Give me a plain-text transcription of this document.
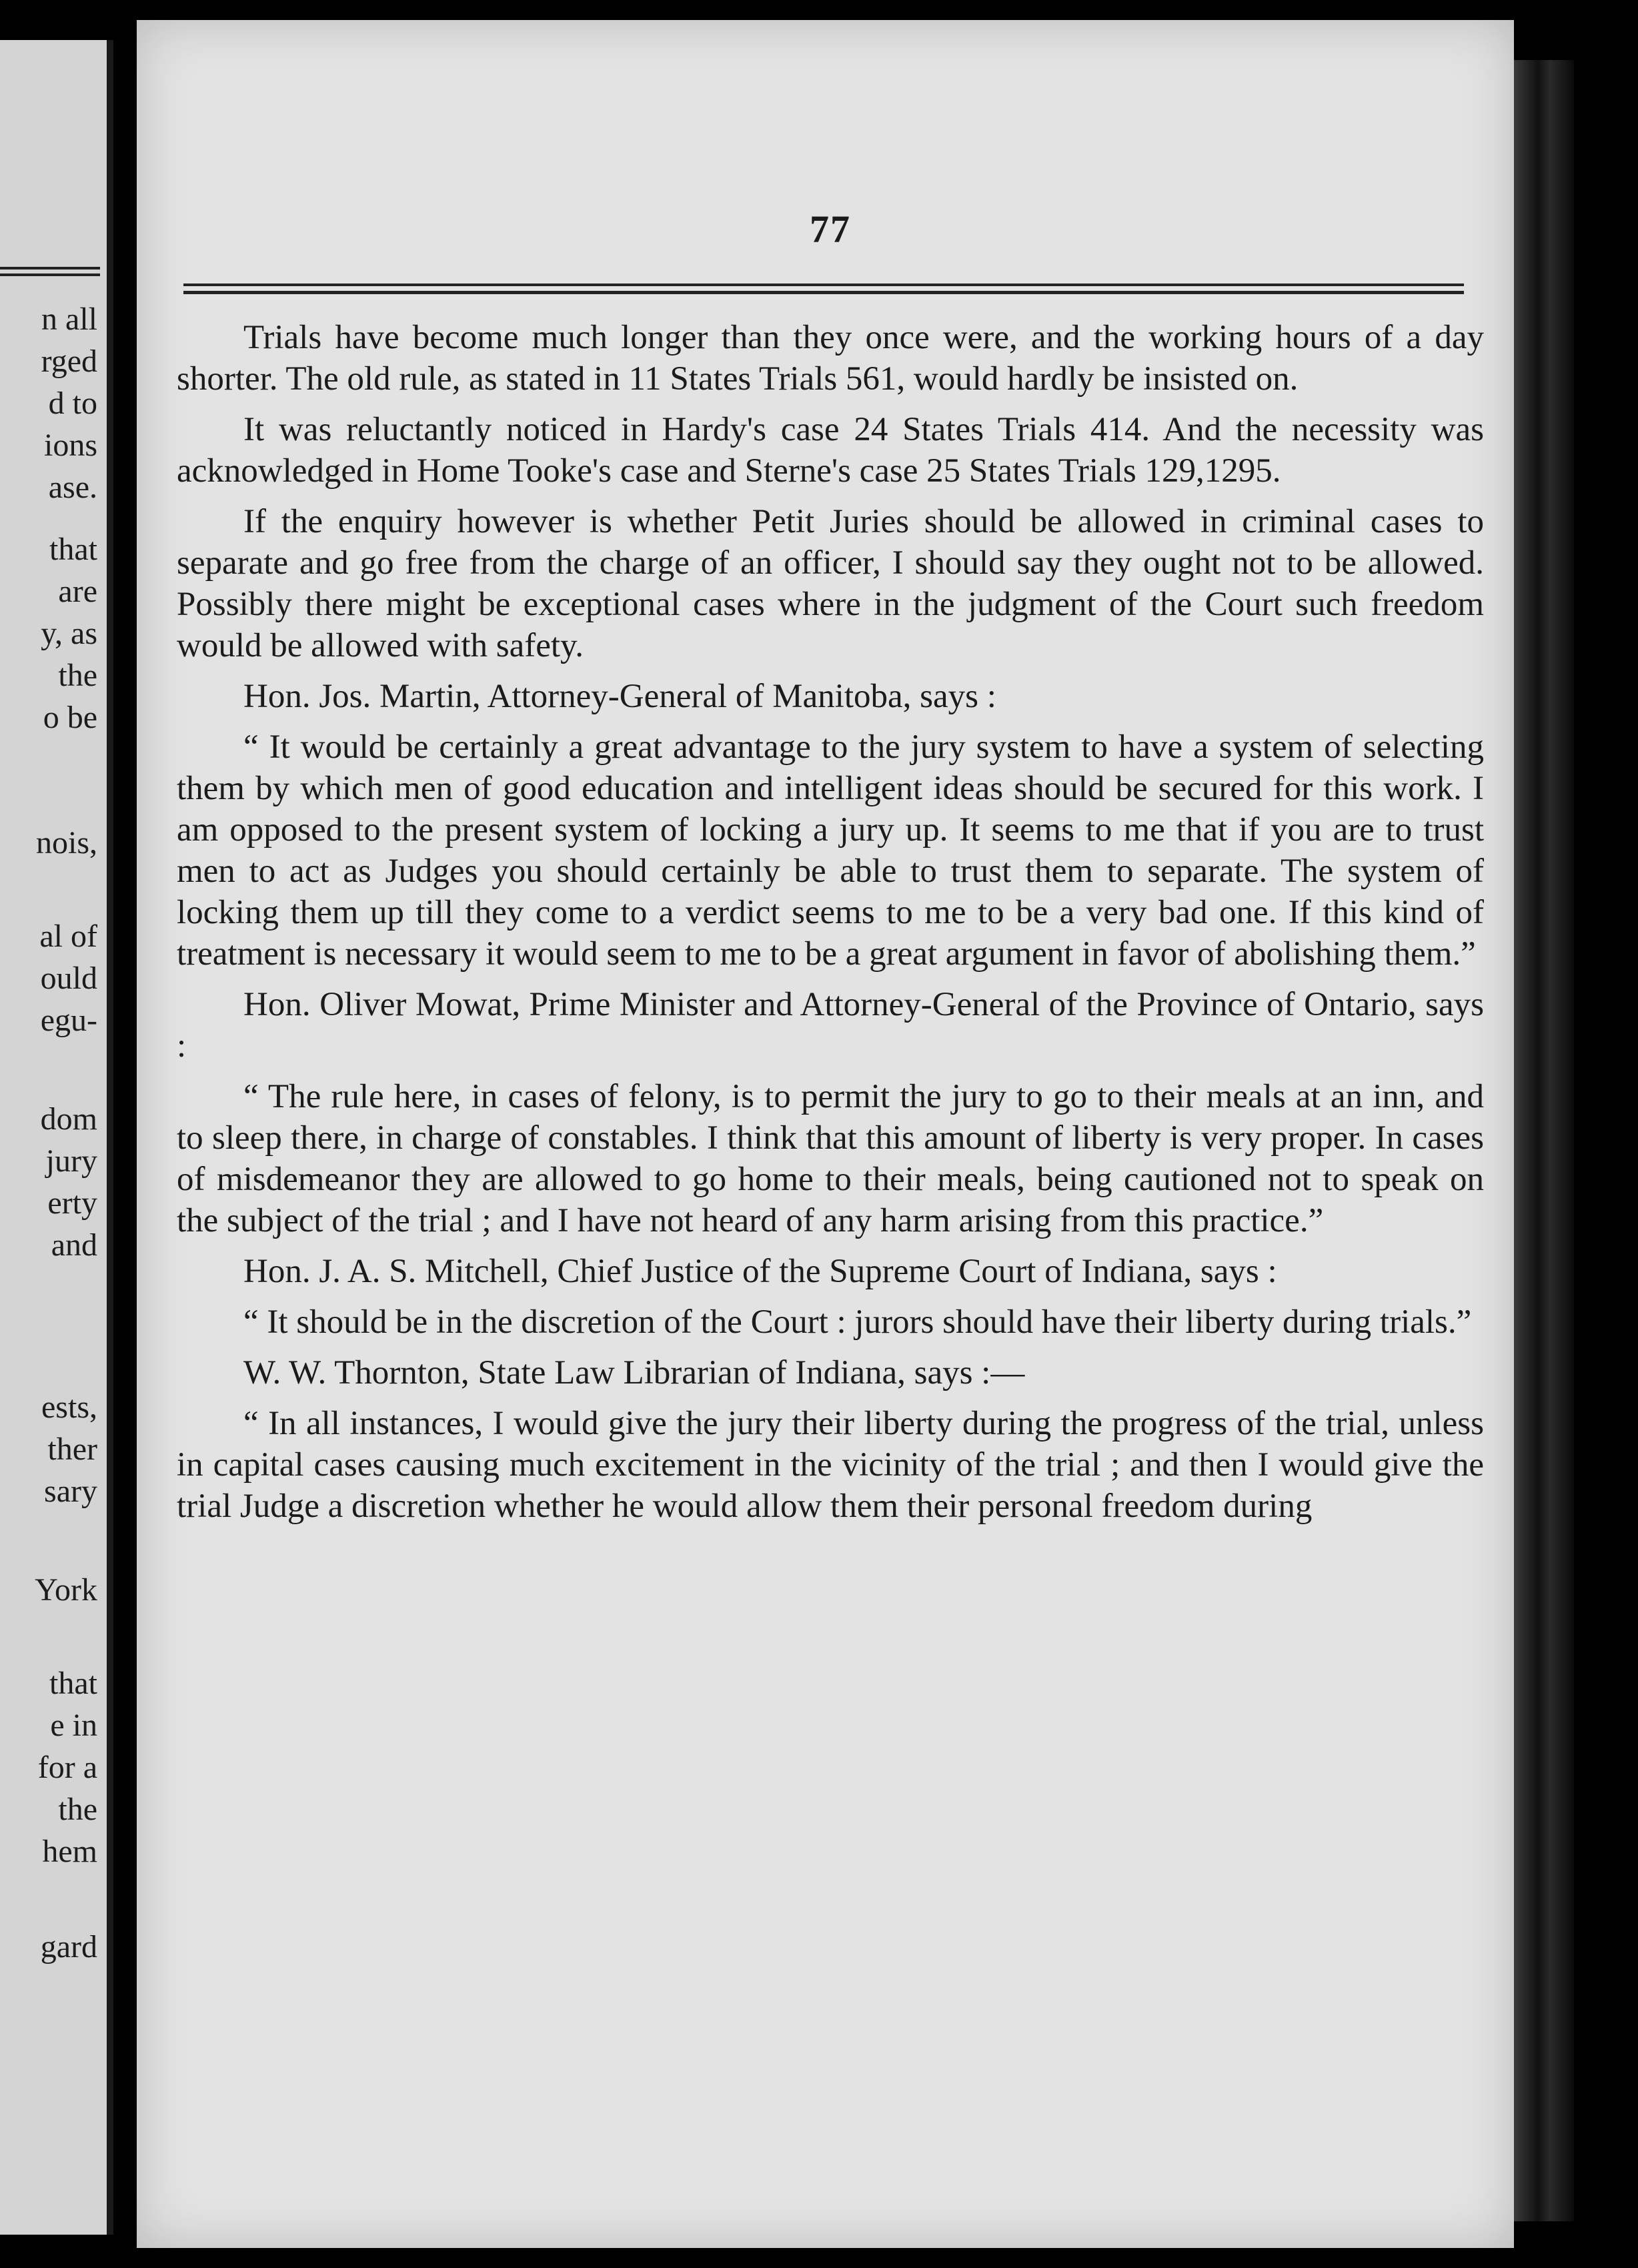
n all
rged
d to
ions
ase.
that
are
y, as
the
o be
nois,
al of
ould
egu-
dom
jury
erty
and
ests,
ther
sary
York
that
e in
for a
the
hem
gard
77

Trials have become much longer than they once were, and the working hours of a day shorter. The old rule, as stated in 11 States Trials 561, would hardly be insisted on.

It was reluctantly noticed in Hardy's case 24 States Trials 414. And the necessity was acknowledged in Home Tooke's case and Sterne's case 25 States Trials 129,1295.

If the enquiry however is whether Petit Juries should be allowed in criminal cases to separate and go free from the charge of an officer, I should say they ought not to be allowed. Possibly there might be exceptional cases where in the judgment of the Court such freedom would be allowed with safety.

Hon. Jos. Martin, Attorney-General of Manitoba, says :

“ It would be certainly a great advantage to the jury system to have a system of selecting them by which men of good education and intelligent ideas should be secured for this work. I am opposed to the present system of locking a jury up. It seems to me that if you are to trust men to act as Judges you should certainly be able to trust them to separate. The system of locking them up till they come to a verdict seems to me to be a very bad one. If this kind of treatment is necessary it would seem to me to be a great argument in favor of abolishing them.”

Hon. Oliver Mowat, Prime Minister and Attorney-General of the Province of Ontario, says :

“ The rule here, in cases of felony, is to permit the jury to go to their meals at an inn, and to sleep there, in charge of constables. I think that this amount of liberty is very proper. In cases of misdemeanor they are allowed to go home to their meals, being cautioned not to speak on the subject of the trial ; and I have not heard of any harm arising from this practice.”

Hon. J. A. S. Mitchell, Chief Justice of the Supreme Court of Indiana, says :

“ It should be in the discretion of the Court : jurors should have their liberty during trials.”

W. W. Thornton, State Law Librarian of Indiana, says :—

“ In all instances, I would give the jury their liberty during the progress of the trial, unless in capital cases causing much excitement in the vicinity of the trial ; and then I would give the trial Judge a discretion whether he would allow them their personal freedom during
